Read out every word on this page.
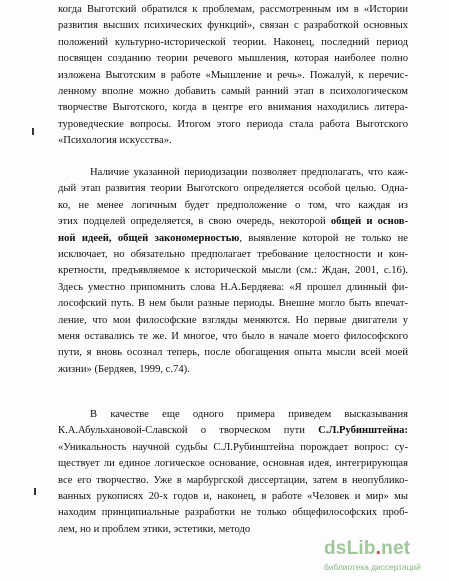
когда Выготский обратился к проблемам, рассмотренным им в «Истории
развития высших психических функций», связан с разработкой основных
положений культурно-исторической теории. Наконец, последний период
посвящен созданию теории речевого мышления, которая наиболее полно
изложена Выготским в работе «Мышление и речь». Пожалуй, к перечис-
ленному вполне можно добавить самый ранний этап в психологическом
творчестве Выготского, когда в центре его внимания находились литера-
туроведческие вопросы. Итогом этого периода стала работа Выготского
«Психология искусства».
Наличие указанной периодизации позволяет предполагать, что каж-
дый этап развития теории Выготского определяется особой целью. Одна-
ко, не менее логичным будет предположение о том, что каждая из
этих подцелей определяется, в свою очередь, некоторой общей и основ-
ной идеей, общей закономерностью, выявление которой не только не
исключает, но обязательно предполагает требование целостности и кон-
кретности, предъявляемое к исторической мысли (см.: Ждан, 2001, с.16).
Здесь уместно припомнить слова Н.А.Бердяева: «Я прошел длинный фи-
лософский путь. В нем были разные периоды. Внешне могло быть впечат-
ление, что мои философские взгляды меняются. Но первые двигатели у
меня оставались те же. И многое, что было в начале моего философского
пути, я вновь осознал теперь, после обогащения опыта мысли всей моей
жизни» (Бердяев, 1999, с.74).
В качестве еще одного примера приведем высказывания
К.А.Абульхановой-Славской о творческом пути С.Л.Рубинштейна:
«Уникальность научной судьбы С.Л.Рубинштейна порождает вопрос: су-
ществует ли единое логическое основание, основная идея, интегрирующая
все его творчество. Уже в марбургской диссертации, затем в неопублико-
ванных рукописях 20-х годов и, наконец, в работе «Человек и мир» мы
находим принципиальные разработки не только общефилософских проб-
лем, но и проблем этики, эстетики, методо
dsLib.net
библиотека диссертаций
